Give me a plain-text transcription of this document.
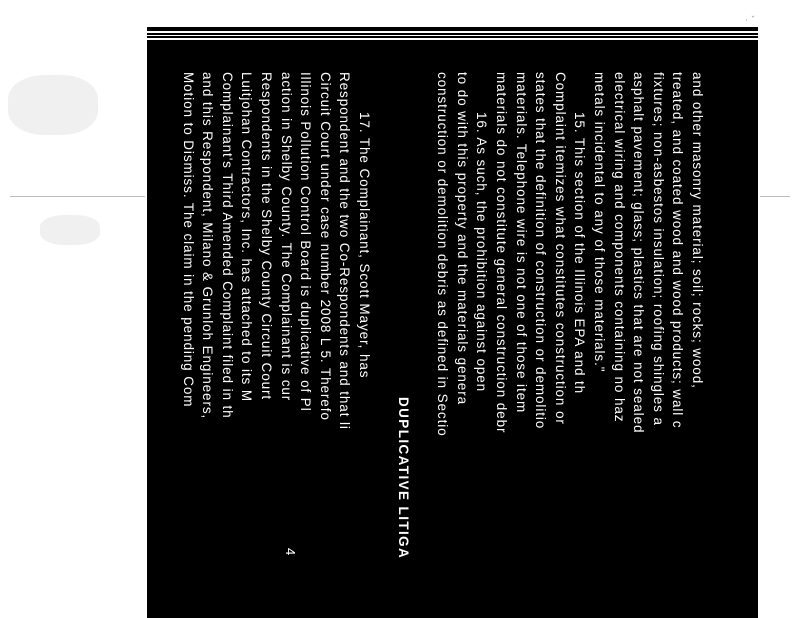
· ˇ
and other masonry material; soil; rocks; wood,
treated, and coated wood and wood products; wall c
fixtures; non-asbestos insulation; roofing shingles a
asphalt pavement; glass; plastics that are not sealed
electrical wiring and components containing no haz
metals incidental to any of those materials."
15. This section of the Illinois EPA and th
Complaint itemizes what constitutes construction or
states that the definition of construction or demolitio
materials. Telephone wire is not one of those item
materials do not constitute general construction debr
16. As such, the prohibition against open
to do with this property and the materials genera
construction or demolition debris as defined in Sectio
DUPLICATIVE LITIGA
17. The Complainant, Scott Mayer, has
Respondent and the two Co-Respondents and that li
Circuit Court under case number 2008 L 5. Therefo
Illinois Pollution Control Board is duplicative of Pl
action in Shelby County. The Complainant is cur
Respondents in the Shelby County Circuit Court
Luitjohan Contractors, Inc. has attached to its M
Complainant's Third Amended Complaint filed in th
and this Respondent, Milano & Grunloh Engineers,
Motion to Dismiss. The claim in the pending Com
4
